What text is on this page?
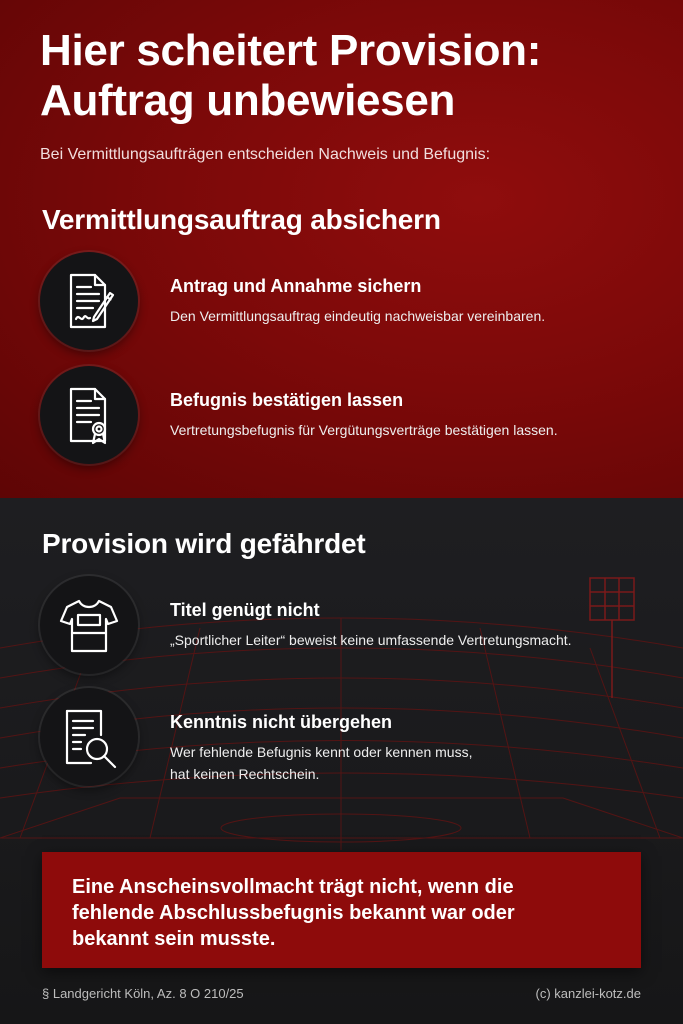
Hier scheitert Provision:
Auftrag unbewiesen
Bei Vermittlungsaufträgen entscheiden Nachweis und Befugnis:
Vermittlungsauftrag absichern
Antrag und Annahme sichern
Den Vermittlungsauftrag eindeutig nachweisbar vereinbaren.
Befugnis bestätigen lassen
Vertretungsbefugnis für Vergütungsverträge bestätigen lassen.
Provision wird gefährdet
Titel genügt nicht
„Sportlicher Leiter“ beweist keine umfassende Vertretungsmacht.
Kenntnis nicht übergehen
Wer fehlende Befugnis kennt oder kennen muss,
hat keinen Rechtschein.
Eine Anscheinsvollmacht trägt nicht, wenn die
fehlende Abschlussbefugnis bekannt war oder
bekannt sein musste.
§ Landgericht Köln, Az. 8 O 210/25	(c) kanzlei-kotz.de
